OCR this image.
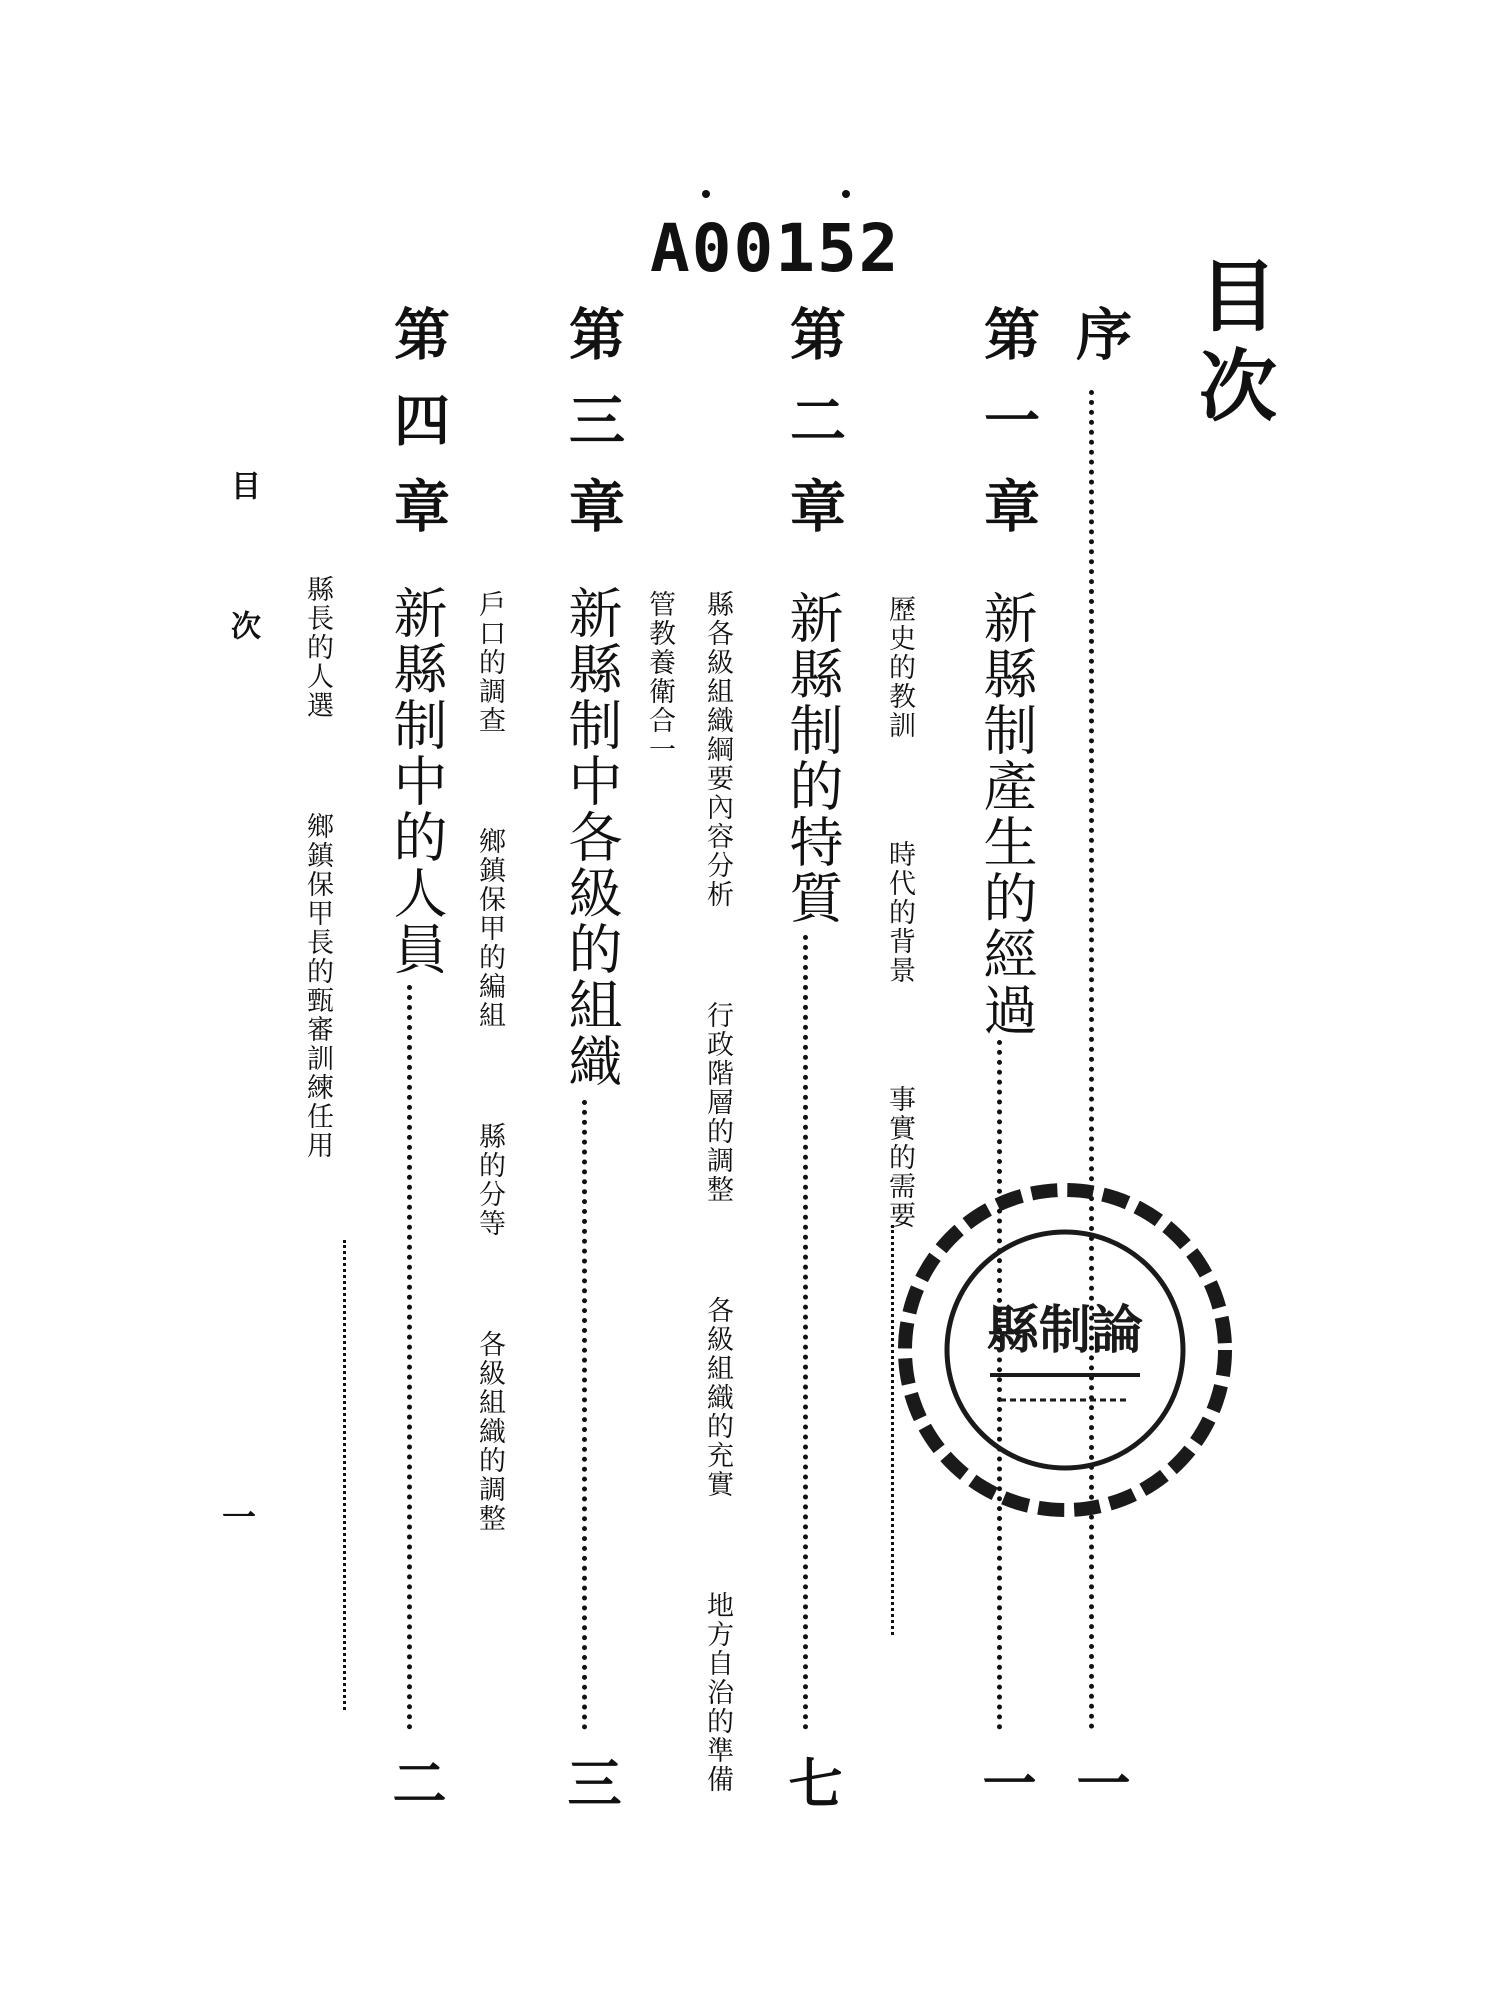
A00152
目次
序
一
第一章
新縣制產生的經過
一
歷史的教訓  時代的背景  事實的需要
第二章
新縣制的特質
七
縣各級組織綱要內容分析  行政階層的調整  各級組織的充實  地方自治的準備
管教養衛合一
第三章
新縣制中各級的組織
三
戶口的調查  鄉鎮保甲的編組  縣的分等  各級組織的調整
第四章
新縣制中的人員
二
縣長的人選  鄉鎮保甲長的甄審訓練任用
目次
一
縣制論
